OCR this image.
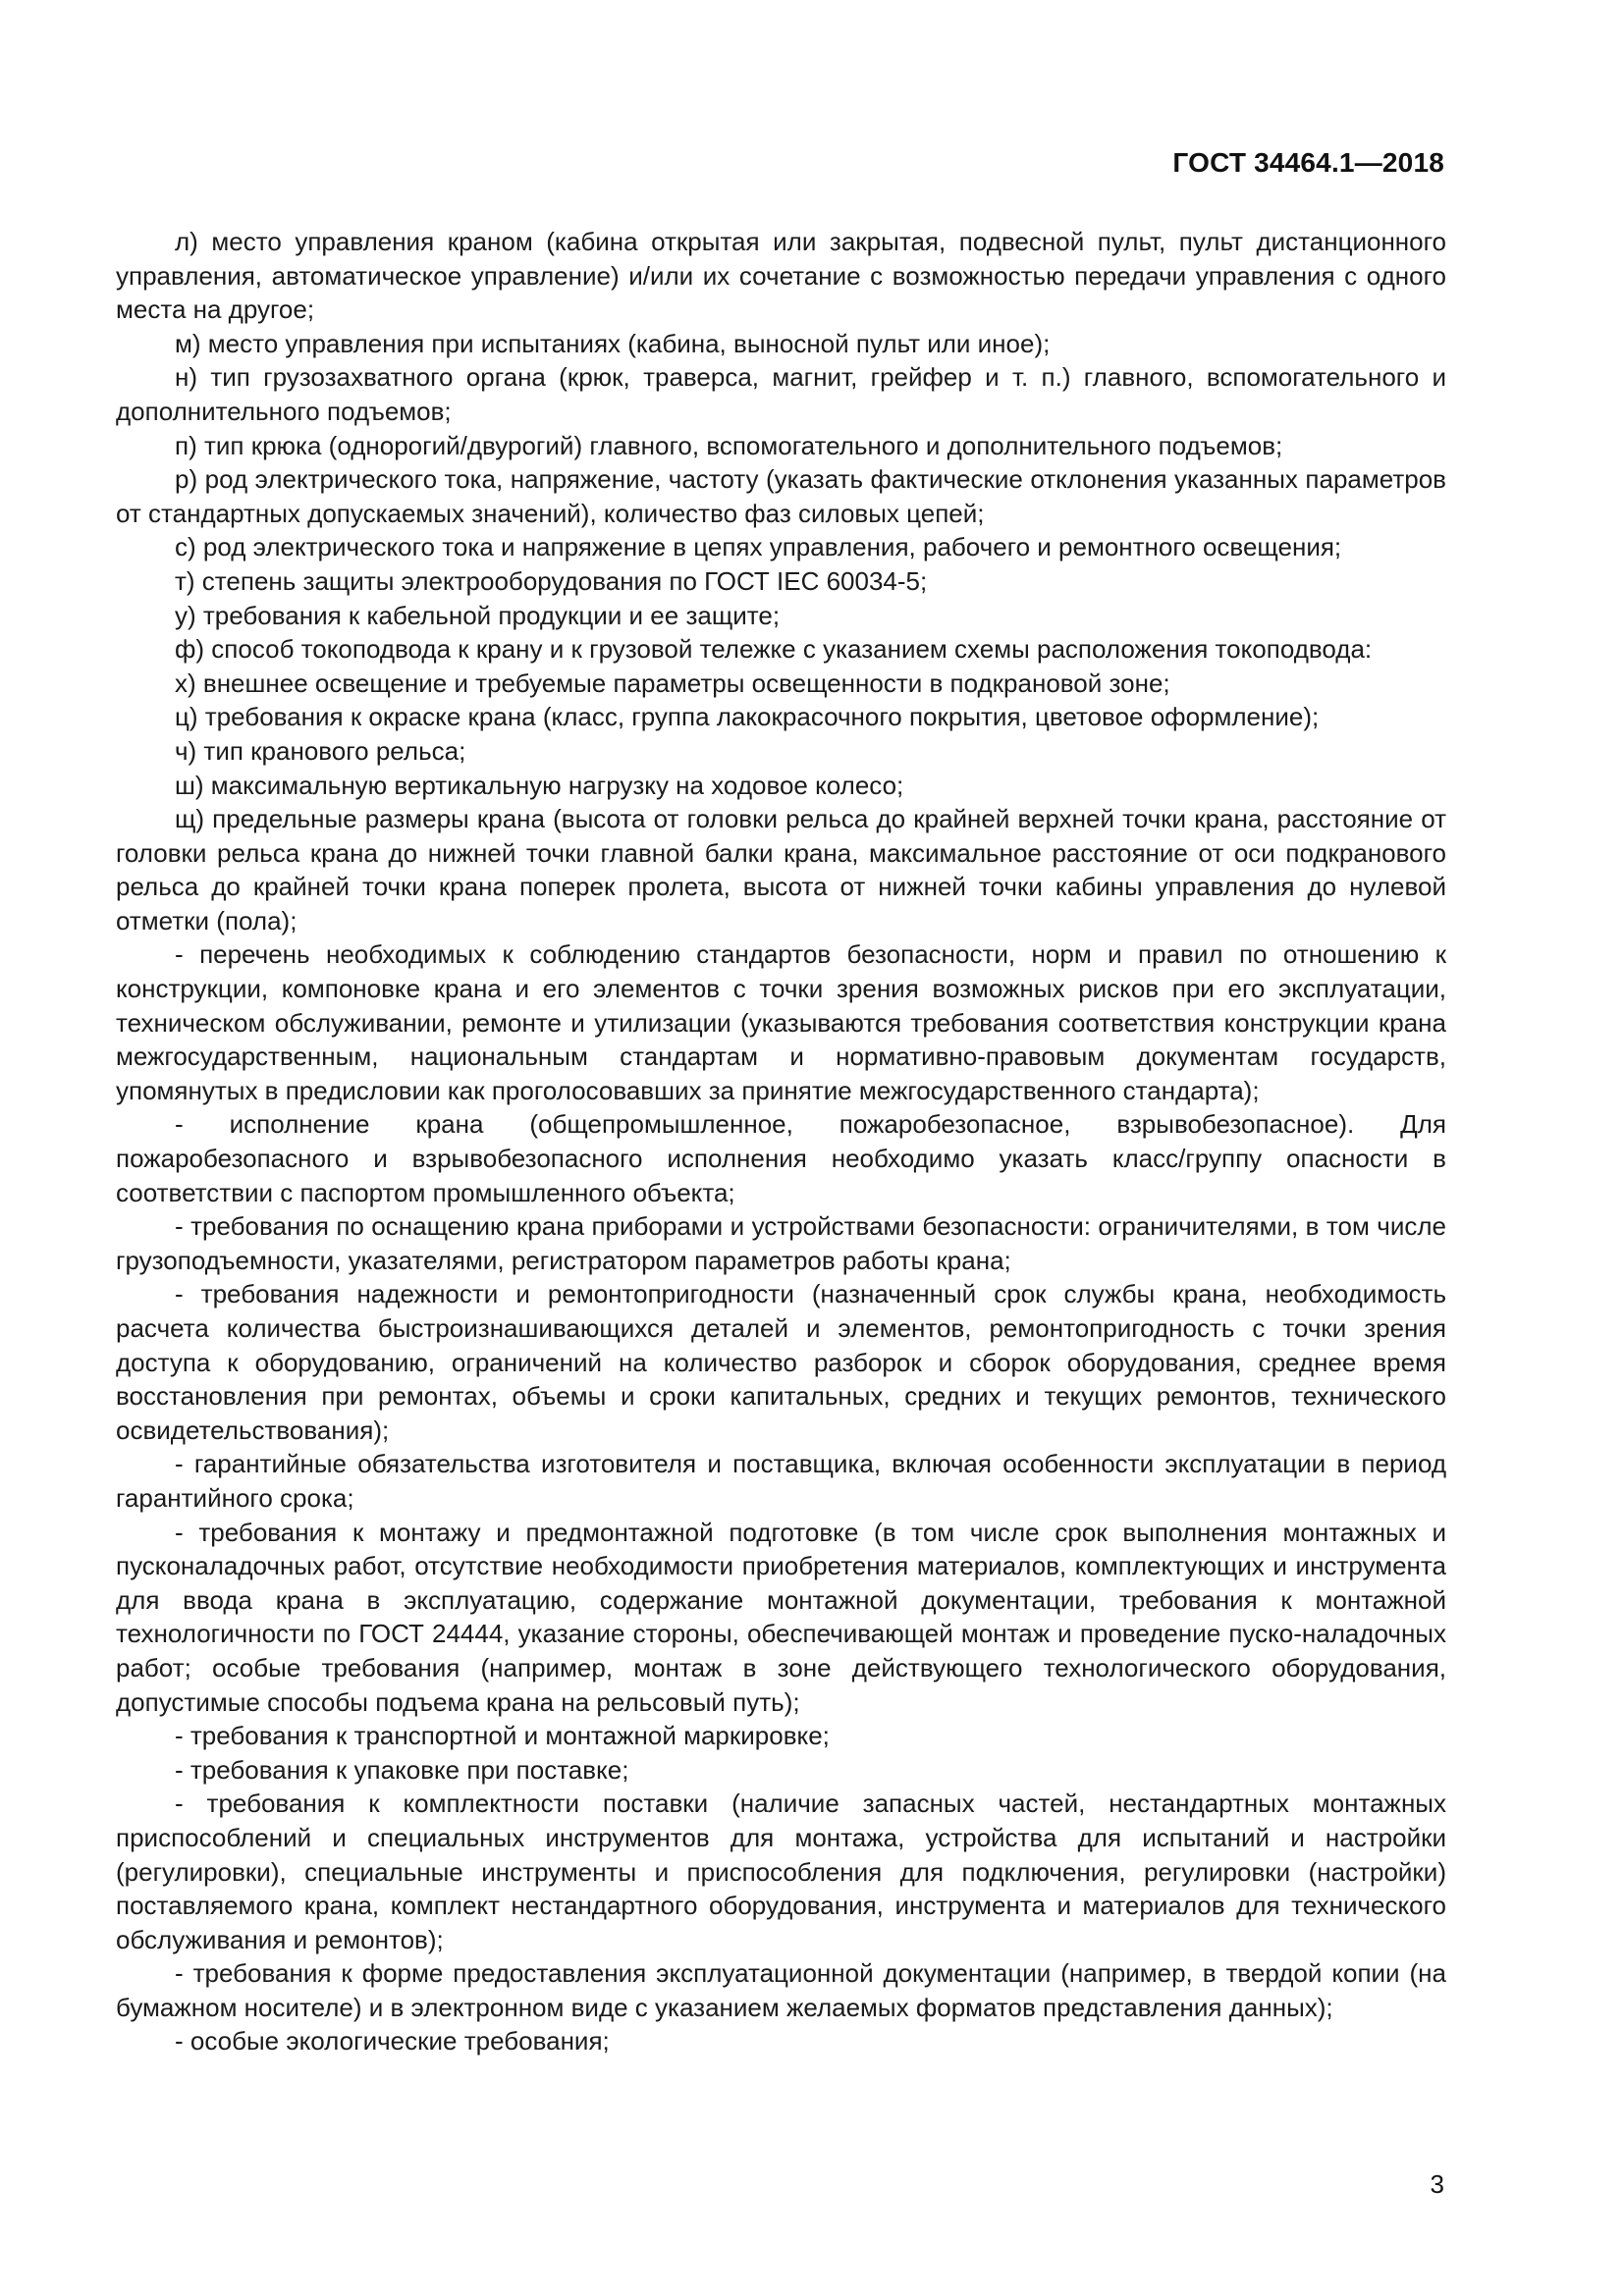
ГОСТ 34464.1—2018

л) место управления краном (кабина открытая или закрытая, подвесной пульт, пульт дистанционного управления, автоматическое управление) и/или их сочетание с возможностью передачи управления с одного места на другое;

м) место управления при испытаниях (кабина, выносной пульт или иное);

н) тип грузозахватного органа (крюк, траверса, магнит, грейфер и т. п.) главного, вспомогательного и дополнительного подъемов;

п) тип крюка (однорогий/двурогий) главного, вспомогательного и дополнительного подъемов;

р) род электрического тока, напряжение, частоту (указать фактические отклонения указанных параметров от стандартных допускаемых значений), количество фаз силовых цепей;

с) род электрического тока и напряжение в цепях управления, рабочего и ремонтного освещения;

т) степень защиты электрооборудования по ГОСТ IEC 60034-5;

у) требования к кабельной продукции и ее защите;

ф) способ токоподвода к крану и к грузовой тележке с указанием схемы расположения токоподвода:

х) внешнее освещение и требуемые параметры освещенности в подкрановой зоне;

ц) требования к окраске крана (класс, группа лакокрасочного покрытия, цветовое оформление);

ч) тип кранового рельса;

ш) максимальную вертикальную нагрузку на ходовое колесо;

щ) предельные размеры крана (высота от головки рельса до крайней верхней точки крана, расстояние от головки рельса крана до нижней точки главной балки крана, максимальное расстояние от оси подкранового рельса до крайней точки крана поперек пролета, высота от нижней точки кабины управления до нулевой отметки (пола);

- перечень необходимых к соблюдению стандартов безопасности, норм и правил по отношению к конструкции, компоновке крана и его элементов с точки зрения возможных рисков при его эксплуатации, техническом обслуживании, ремонте и утилизации (указываются требования соответствия конструкции крана межгосударственным, национальным стандартам и нормативно-правовым документам государств, упомянутых в предисловии как проголосовавших за принятие межгосударственного стандарта);

- исполнение крана (общепромышленное, пожаробезопасное, взрывобезопасное). Для пожаробезопасного и взрывобезопасного исполнения необходимо указать класс/группу опасности в соответствии с паспортом промышленного объекта;

- требования по оснащению крана приборами и устройствами безопасности: ограничителями, в том числе грузоподъемности, указателями, регистратором параметров работы крана;

- требования надежности и ремонтопригодности (назначенный срок службы крана, необходимость расчета количества быстроизнашивающихся деталей и элементов, ремонтопригодность с точки зрения доступа к оборудованию, ограничений на количество разборок и сборок оборудования, среднее время восстановления при ремонтах, объемы и сроки капитальных, средних и текущих ремонтов, технического освидетельствования);

- гарантийные обязательства изготовителя и поставщика, включая особенности эксплуатации в период гарантийного срока;

- требования к монтажу и предмонтажной подготовке (в том числе срок выполнения монтажных и пусконаладочных работ, отсутствие необходимости приобретения материалов, комплектующих и инструмента для ввода крана в эксплуатацию, содержание монтажной документации, требования к монтажной технологичности по ГОСТ 24444, указание стороны, обеспечивающей монтаж и проведение пуско-наладочных работ; особые требования (например, монтаж в зоне действующего технологического оборудования, допустимые способы подъема крана на рельсовый путь);

- требования к транспортной и монтажной маркировке;

- требования к упаковке при поставке;

- требования к комплектности поставки (наличие запасных частей, нестандартных монтажных приспособлений и специальных инструментов для монтажа, устройства для испытаний и настройки (регулировки), специальные инструменты и приспособления для подключения, регулировки (настройки) поставляемого крана, комплект нестандартного оборудования, инструмента и материалов для технического обслуживания и ремонтов);

- требования к форме предоставления эксплуатационной документации (например, в твердой копии (на бумажном носителе) и в электронном виде с указанием желаемых форматов представления данных);

- особые экологические требования;

3
